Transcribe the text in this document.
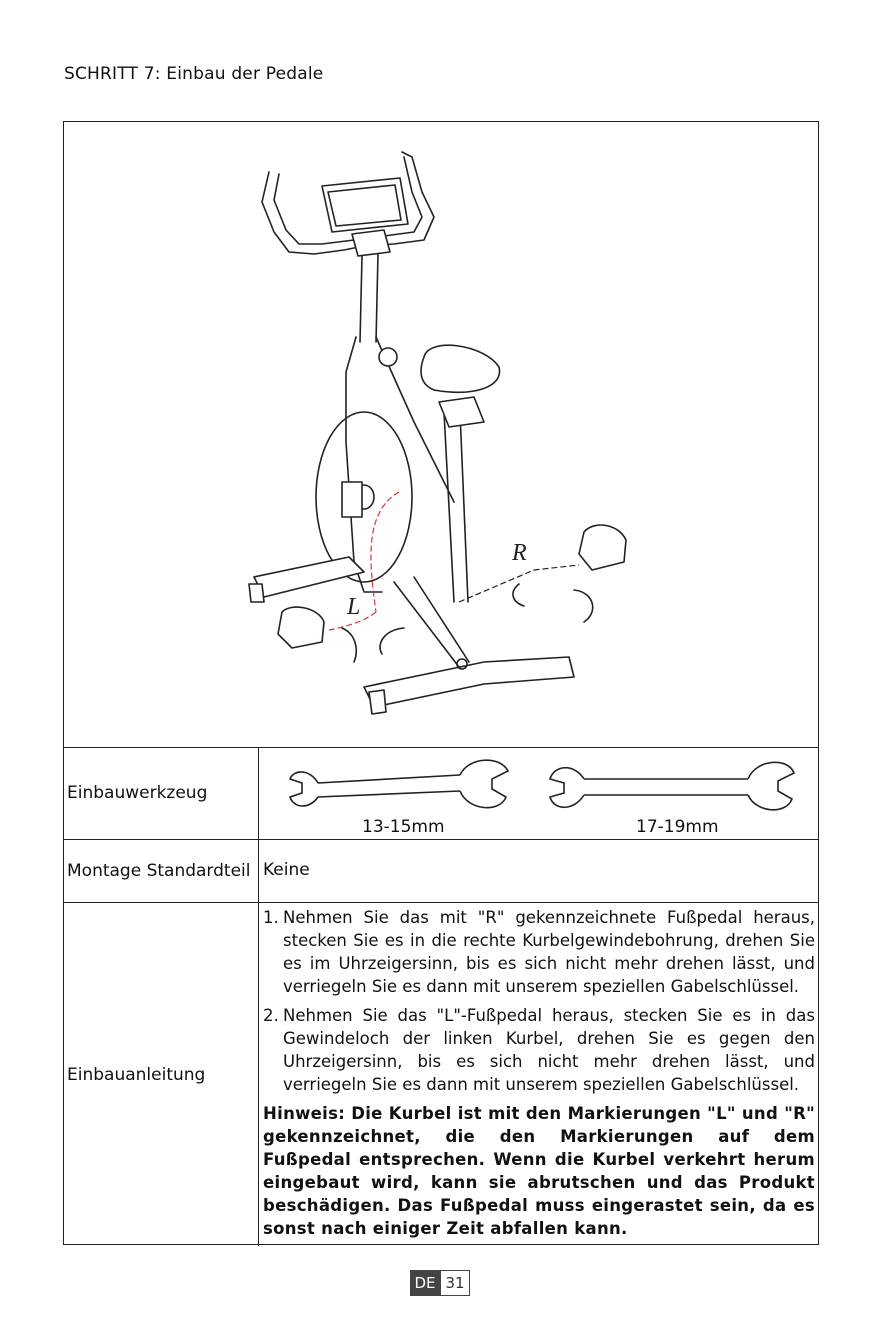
SCHRITT 7: Einbau der Pedale
R
L
Einbauwerkzeug
13-15mm	17-19mm
Montage Standardteil Keine
Einbauanleitung
1. Nehmen Sie das mit "R" gekennzeichnete Fußpedal heraus, stecken Sie es in die rechte Kurbelgewindebohrung, drehen Sie es im Uhrzeigersinn, bis es sich nicht mehr drehen lässt, und verriegeln Sie es dann mit unserem speziellen Gabelschlüssel.
2. Nehmen Sie das "L"-Fußpedal heraus, stecken Sie es in das Gewindeloch der linken Kurbel, drehen Sie es gegen den Uhrzeigersinn, bis es sich nicht mehr drehen lässt, und verriegeln Sie es dann mit unserem speziellen Gabelschlüssel.
Hinweis: Die Kurbel ist mit den Markierungen "L" und "R" gekennzeichnet, die den Markierungen auf dem Fußpedal entsprechen. Wenn die Kurbel verkehrt herum eingebaut wird, kann sie abrutschen und das Produkt beschädigen. Das Fußpedal muss eingerastet sein, da es sonst nach einiger Zeit abfallen kann.
DE 31
